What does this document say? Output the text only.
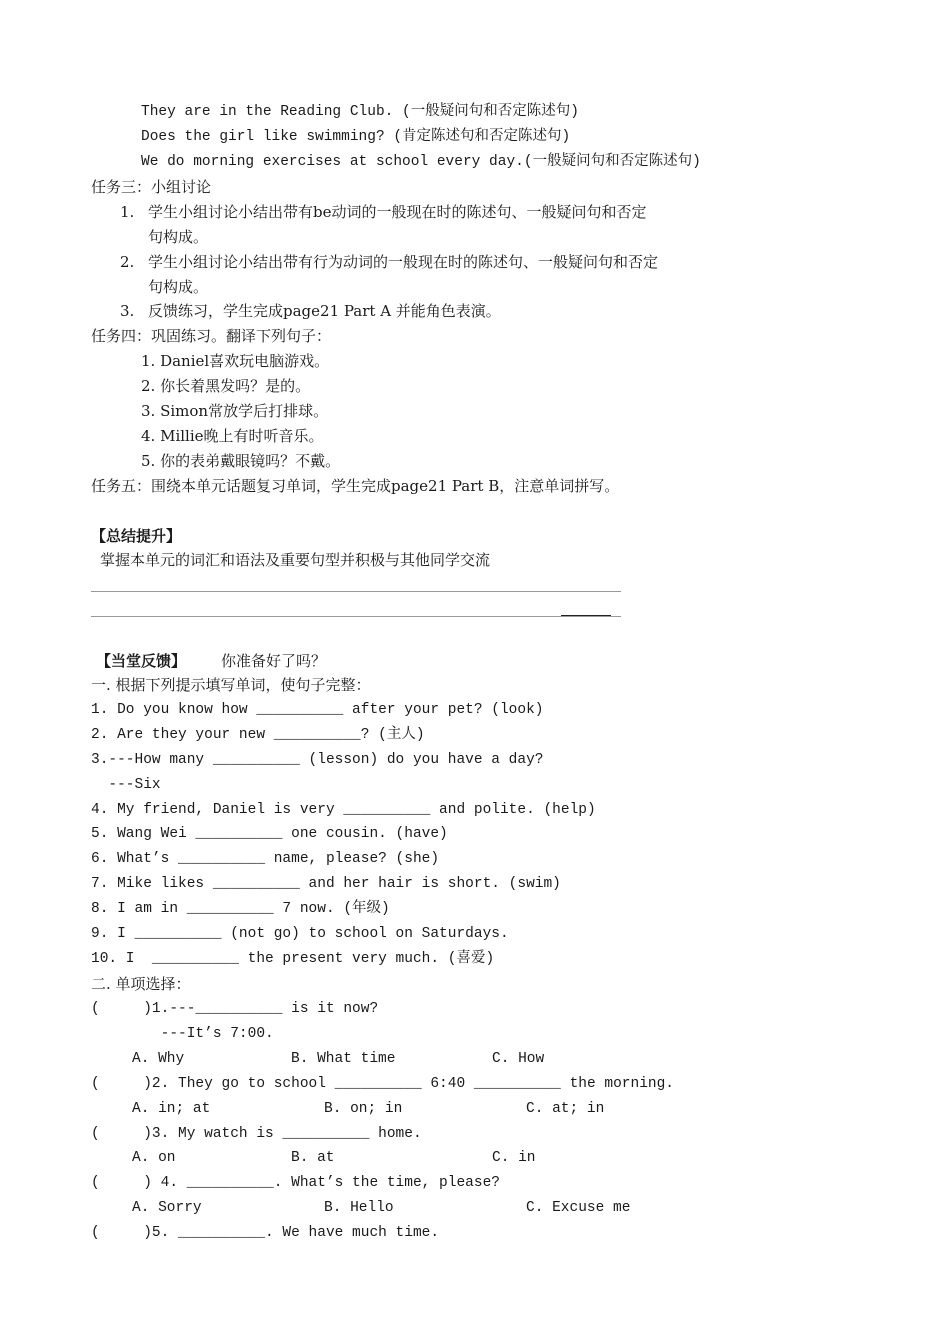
They are in the Reading Club. (一般疑问句和否定陈述句)
Does the girl like swimming? (肯定陈述句和否定陈述句)
We do morning exercises at school every day.(一般疑问句和否定陈述句)
任务三：小组讨论
1. 学生小组讨论小结出带有be动词的一般现在时的陈述句、一般疑问句和否定
句构成。
2. 学生小组讨论小结出带有行为动词的一般现在时的陈述句、一般疑问句和否定
句构成。
3. 反馈练习，学生完成page21 Part A 并能角色表演。
任务四：巩固练习。翻译下列句子：
1. Daniel喜欢玩电脑游戏。
2. 你长着黑发吗？是的。
3. Simon常放学后打排球。
4. Millie晚上有时听音乐。
5. 你的表弟戴眼镜吗？不戴。
任务五：围绕本单元话题复习单词，学生完成page21 Part B，注意单词拼写。
【总结提升】
掌握本单元的词汇和语法及重要句型并积极与其他同学交流
【当堂反馈】 你准备好了吗？
一. 根据下列提示填写单词，使句子完整：
1. Do you know how __________ after your pet? (look)
2. Are they your new __________? (主人)
3.---How many __________ (lesson) do you have a day?
---Six
4. My friend, Daniel is very __________ and polite. (help)
5. Wang Wei __________ one cousin. (have)
6. What’s __________ name, please? (she)
7. Mike likes __________ and her hair is short. (swim)
8. I am in __________ 7 now. (年级)
9. I __________ (not go) to school on Saturdays.
10. I  __________ the present very much. (喜爱)
二. 单项选择：
(     )1.---__________ is it now?
---It’s 7:00.
A. Why	B. What time	C. How
(     )2. They go to school __________ 6:40 __________ the morning.
A. in; at	B. on; in	C. at; in
(     )3. My watch is __________ home.
A. on	B. at	C. in
(     ) 4. __________. What’s the time, please?
A. Sorry	B. Hello	C. Excuse me
(     )5. __________. We have much time.
